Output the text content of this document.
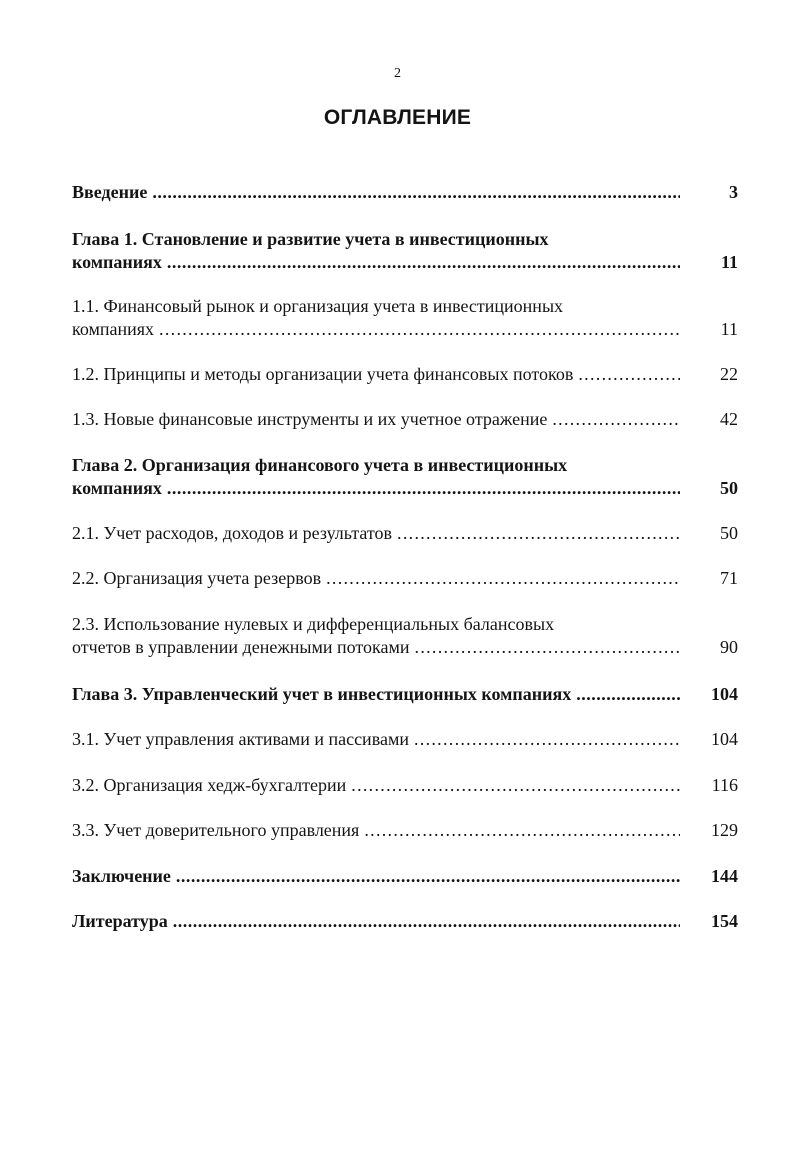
2
ОГЛАВЛЕНИЕ
Введение . . .	3
Глава 1. Становление и развитие учета в инвестиционных
компаниях . . .	11
1.1. Финансовый рынок и организация учета в инвестиционных
компаниях . . .	11
1.2. Принципы и методы организации учета финансовых потоков . . .	22
1.3. Новые финансовые инструменты и их учетное отражение . . .	42
Глава 2. Организация финансового учета в инвестиционных
компаниях . . .	50
2.1. Учет расходов, доходов и результатов . . .	50
2.2. Организация учета резервов . . .	71
2.3. Использование нулевых и дифференциальных балансовых
отчетов в управлении денежными потоками . . .	90
Глава 3. Управленческий учет в инвестиционных компаниях . . .	104
3.1. Учет управления активами и пассивами . . .	104
3.2. Организация хедж-бухгалтерии . . .	116
3.3. Учет доверительного управления . . .	129
Заключение . . .	144
Литература . . .	154
